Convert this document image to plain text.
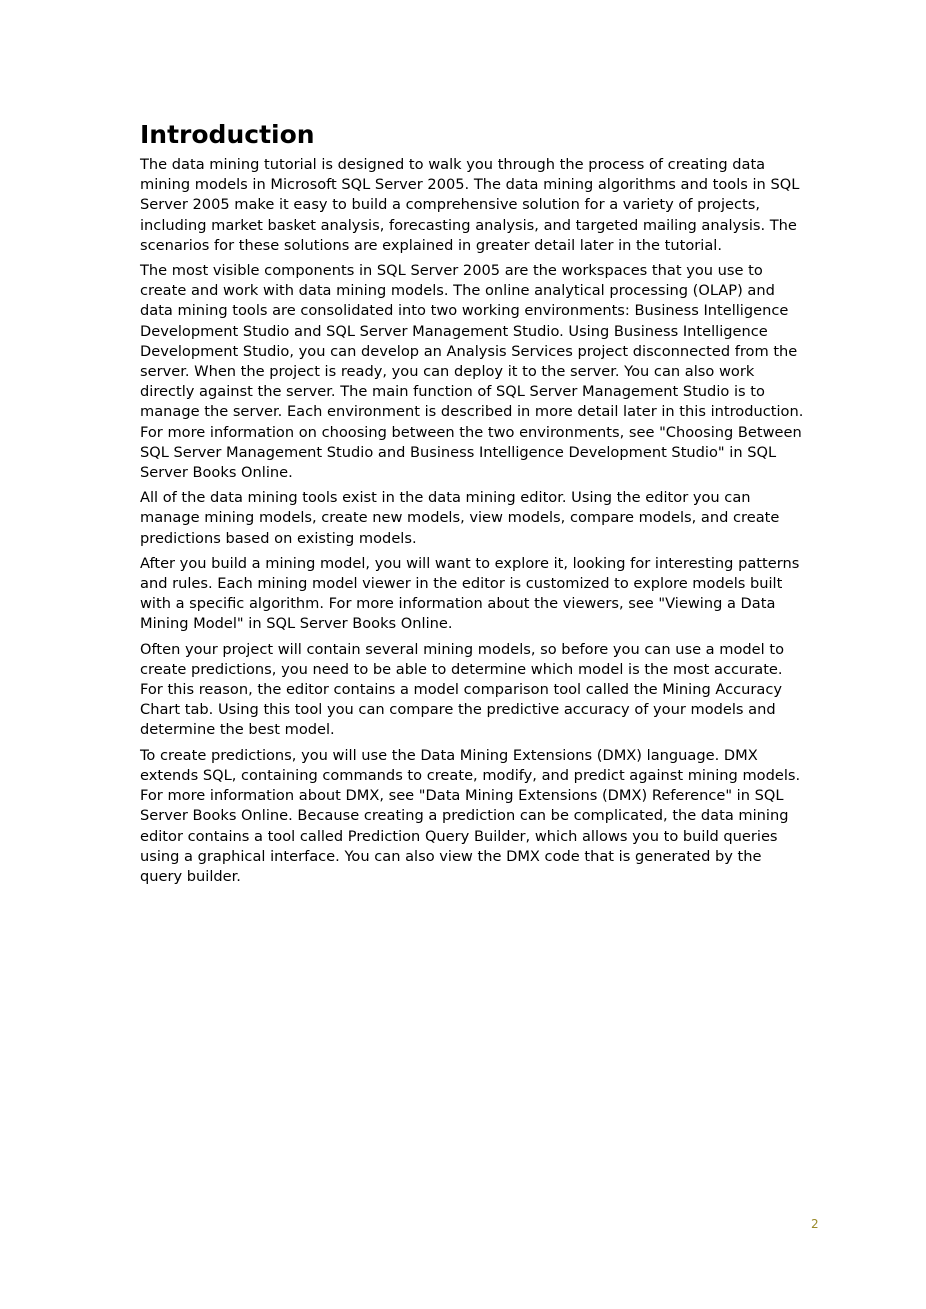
Introduction

The data mining tutorial is designed to walk you through the process of creating data mining models in Microsoft SQL Server 2005. The data mining algorithms and tools in SQL Server 2005 make it easy to build a comprehensive solution for a variety of projects, including market basket analysis, forecasting analysis, and targeted mailing analysis. The scenarios for these solutions are explained in greater detail later in the tutorial.

The most visible components in SQL Server 2005 are the workspaces that you use to create and work with data mining models. The online analytical processing (OLAP) and data mining tools are consolidated into two working environments: Business Intelligence Development Studio and SQL Server Management Studio. Using Business Intelligence Development Studio, you can develop an Analysis Services project disconnected from the server. When the project is ready, you can deploy it to the server. You can also work directly against the server. The main function of SQL Server Management Studio is to manage the server. Each environment is described in more detail later in this introduction. For more information on choosing between the two environments, see "Choosing Between SQL Server Management Studio and Business Intelligence Development Studio" in SQL Server Books Online.

All of the data mining tools exist in the data mining editor. Using the editor you can manage mining models, create new models, view models, compare models, and create predictions based on existing models.

After you build a mining model, you will want to explore it, looking for interesting patterns and rules. Each mining model viewer in the editor is customized to explore models built with a specific algorithm. For more information about the viewers, see "Viewing a Data Mining Model" in SQL Server Books Online.

Often your project will contain several mining models, so before you can use a model to create predictions, you need to be able to determine which model is the most accurate. For this reason, the editor contains a model comparison tool called the Mining Accuracy Chart tab. Using this tool you can compare the predictive accuracy of your models and determine the best model.

To create predictions, you will use the Data Mining Extensions (DMX) language. DMX extends SQL, containing commands to create, modify, and predict against mining models. For more information about DMX, see "Data Mining Extensions (DMX) Reference" in SQL Server Books Online. Because creating a prediction can be complicated, the data mining editor contains a tool called Prediction Query Builder, which allows you to build queries using a graphical interface. You can also view the DMX code that is generated by the query builder.

2
